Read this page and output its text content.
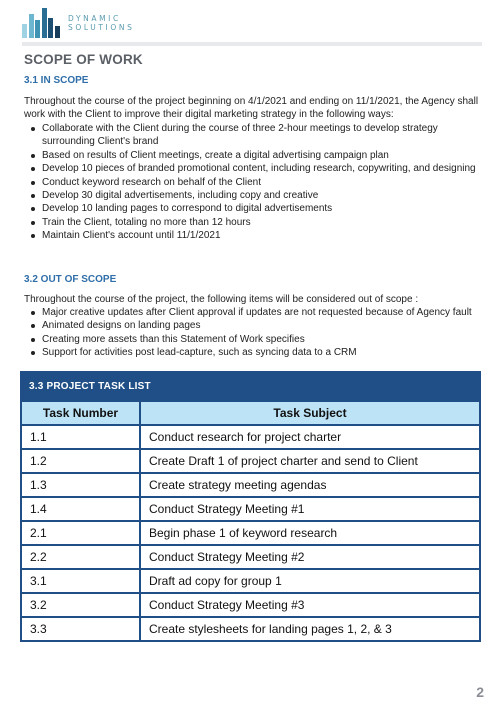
DYNAMIC
SOLUTIONS
SCOPE OF WORK
3.1 IN SCOPE
Throughout the course of the project beginning on 4/1/2021 and ending on 11/1/2021, the Agency shall work with the Client to improve their digital marketing strategy in the following ways:
Collaborate with the Client during the course of three 2-hour meetings to develop strategy surrounding Client's brand
Based on results of Client meetings, create a digital advertising campaign plan
Develop 10 pieces of branded promotional content, including research, copywriting, and designing
Conduct keyword research on behalf of the Client
Develop 30 digital advertisements, including copy and creative
Develop 10 landing pages to correspond to digital advertisements
Train the Client, totaling no more than 12 hours
Maintain Client's account until 11/1/2021
3.2 OUT OF SCOPE
Throughout the course of the project, the following items will be considered out of scope :
Major creative updates after Client approval if updates are not requested because of Agency fault
Animated designs on landing pages
Creating more assets than this Statement of Work specifies
Support for activities post lead-capture, such as syncing data to a CRM
3.3 PROJECT TASK LIST
Task Number	Task Subject
1.1	Conduct research for project charter
1.2	Create Draft 1 of project charter and send to Client
1.3	Create strategy meeting agendas
1.4	Conduct Strategy Meeting #1
2.1	Begin phase 1 of keyword research
2.2	Conduct Strategy Meeting #2
3.1	Draft ad copy for group 1
3.2	Conduct Strategy Meeting #3
3.3	Create stylesheets for landing pages 1, 2, & 3
2
